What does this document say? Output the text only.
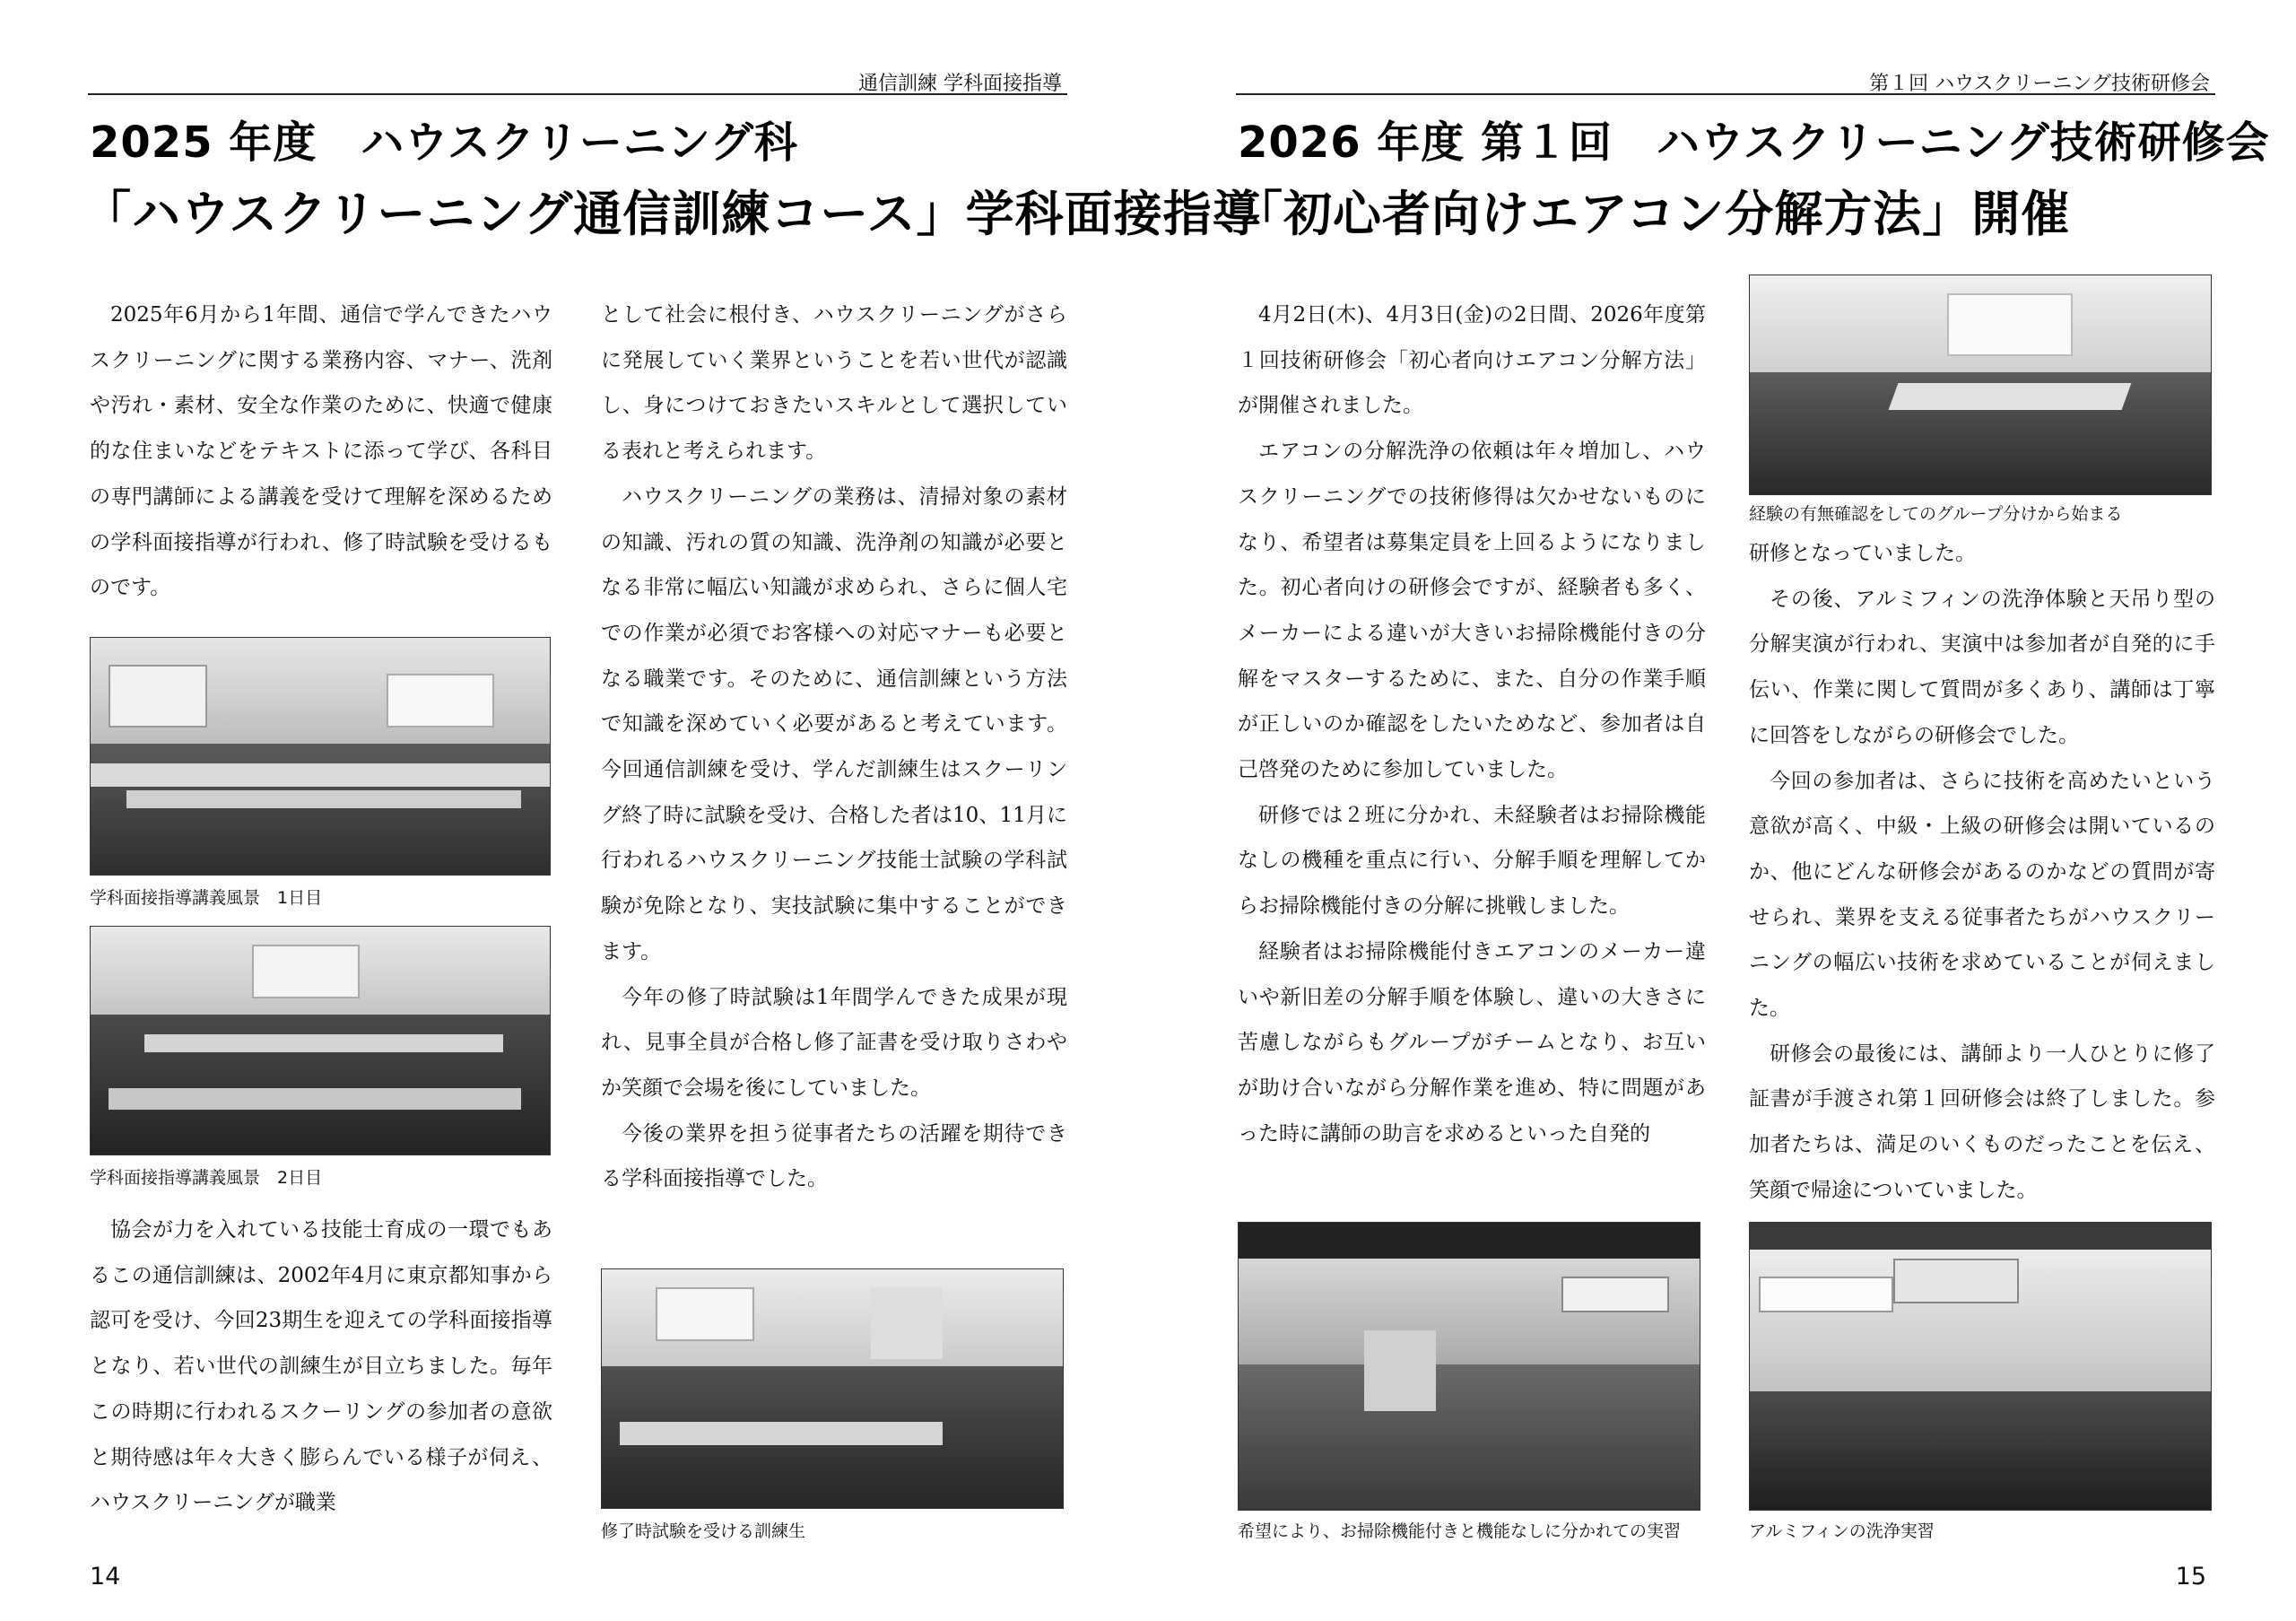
通信訓練 学科面接指導
2025 年度　ハウスクリーニング科
「ハウスクリーニング通信訓練コース」学科面接指導

2025年6月から1年間、通信で学んできたハウスクリーニングに関する業務内容、マナー、洗剤や汚れ・素材、安全な作業のために、快適で健康的な住まいなどをテキストに添って学び、各科目の専門講師による講義を受けて理解を深めるための学科面接指導が行われ、修了時試験を受けるものです。

学科面接指導講義風景　1日目
学科面接指導講義風景　2日目

協会が力を入れている技能士育成の一環でもあるこの通信訓練は、2002年4月に東京都知事から認可を受け、今回23期生を迎えての学科面接指導となり、若い世代の訓練生が目立ちました。毎年この時期に行われるスクーリングの参加者の意欲と期待感は年々大きく膨らんでいる様子が伺え、ハウスクリーニングが職業

として社会に根付き、ハウスクリーニングがさらに発展していく業界ということを若い世代が認識し、身につけておきたいスキルとして選択している表れと考えられます。

ハウスクリーニングの業務は、清掃対象の素材の知識、汚れの質の知識、洗浄剤の知識が必要となる非常に幅広い知識が求められ、さらに個人宅での作業が必須でお客様への対応マナーも必要となる職業です。そのために、通信訓練という方法で知識を深めていく必要があると考えています。今回通信訓練を受け、学んだ訓練生はスクーリング終了時に試験を受け、合格した者は10、11月に行われるハウスクリーニング技能士試験の学科試験が免除となり、実技試験に集中することができます。

今年の修了時試験は1年間学んできた成果が現れ、見事全員が合格し修了証書を受け取りさわやか笑顔で会場を後にしていました。

今後の業界を担う従事者たちの活躍を期待できる学科面接指導でした。

修了時試験を受ける訓練生
14
第１回 ハウスクリーニング技術研修会
2026 年度 第１回　ハウスクリーニング技術研修会
「初心者向けエアコン分解方法」開催

4月2日(木)、4月3日(金)の2日間、2026年度第１回技術研修会「初心者向けエアコン分解方法」が開催されました。

エアコンの分解洗浄の依頼は年々増加し、ハウスクリーニングでの技術修得は欠かせないものになり、希望者は募集定員を上回るようになりました。初心者向けの研修会ですが、経験者も多く、メーカーによる違いが大きいお掃除機能付きの分解をマスターするために、また、自分の作業手順が正しいのか確認をしたいためなど、参加者は自己啓発のために参加していました。

研修では２班に分かれ、未経験者はお掃除機能なしの機種を重点に行い、分解手順を理解してからお掃除機能付きの分解に挑戦しました。

経験者はお掃除機能付きエアコンのメーカー違いや新旧差の分解手順を体験し、違いの大きさに苦慮しながらもグループがチームとなり、お互いが助け合いながら分解作業を進め、特に問題があった時に講師の助言を求めるといった自発的

経験の有無確認をしてのグループ分けから始まる

研修となっていました。

その後、アルミフィンの洗浄体験と天吊り型の分解実演が行われ、実演中は参加者が自発的に手伝い、作業に関して質問が多くあり、講師は丁寧に回答をしながらの研修会でした。

今回の参加者は、さらに技術を高めたいという意欲が高く、中級・上級の研修会は開いているのか、他にどんな研修会があるのかなどの質問が寄せられ、業界を支える従事者たちがハウスクリーニングの幅広い技術を求めていることが伺えました。

研修会の最後には、講師より一人ひとりに修了証書が手渡され第１回研修会は終了しました。参加者たちは、満足のいくものだったことを伝え、笑顔で帰途についていました。

希望により、お掃除機能付きと機能なしに分かれての実習	アルミフィンの洗浄実習
15
